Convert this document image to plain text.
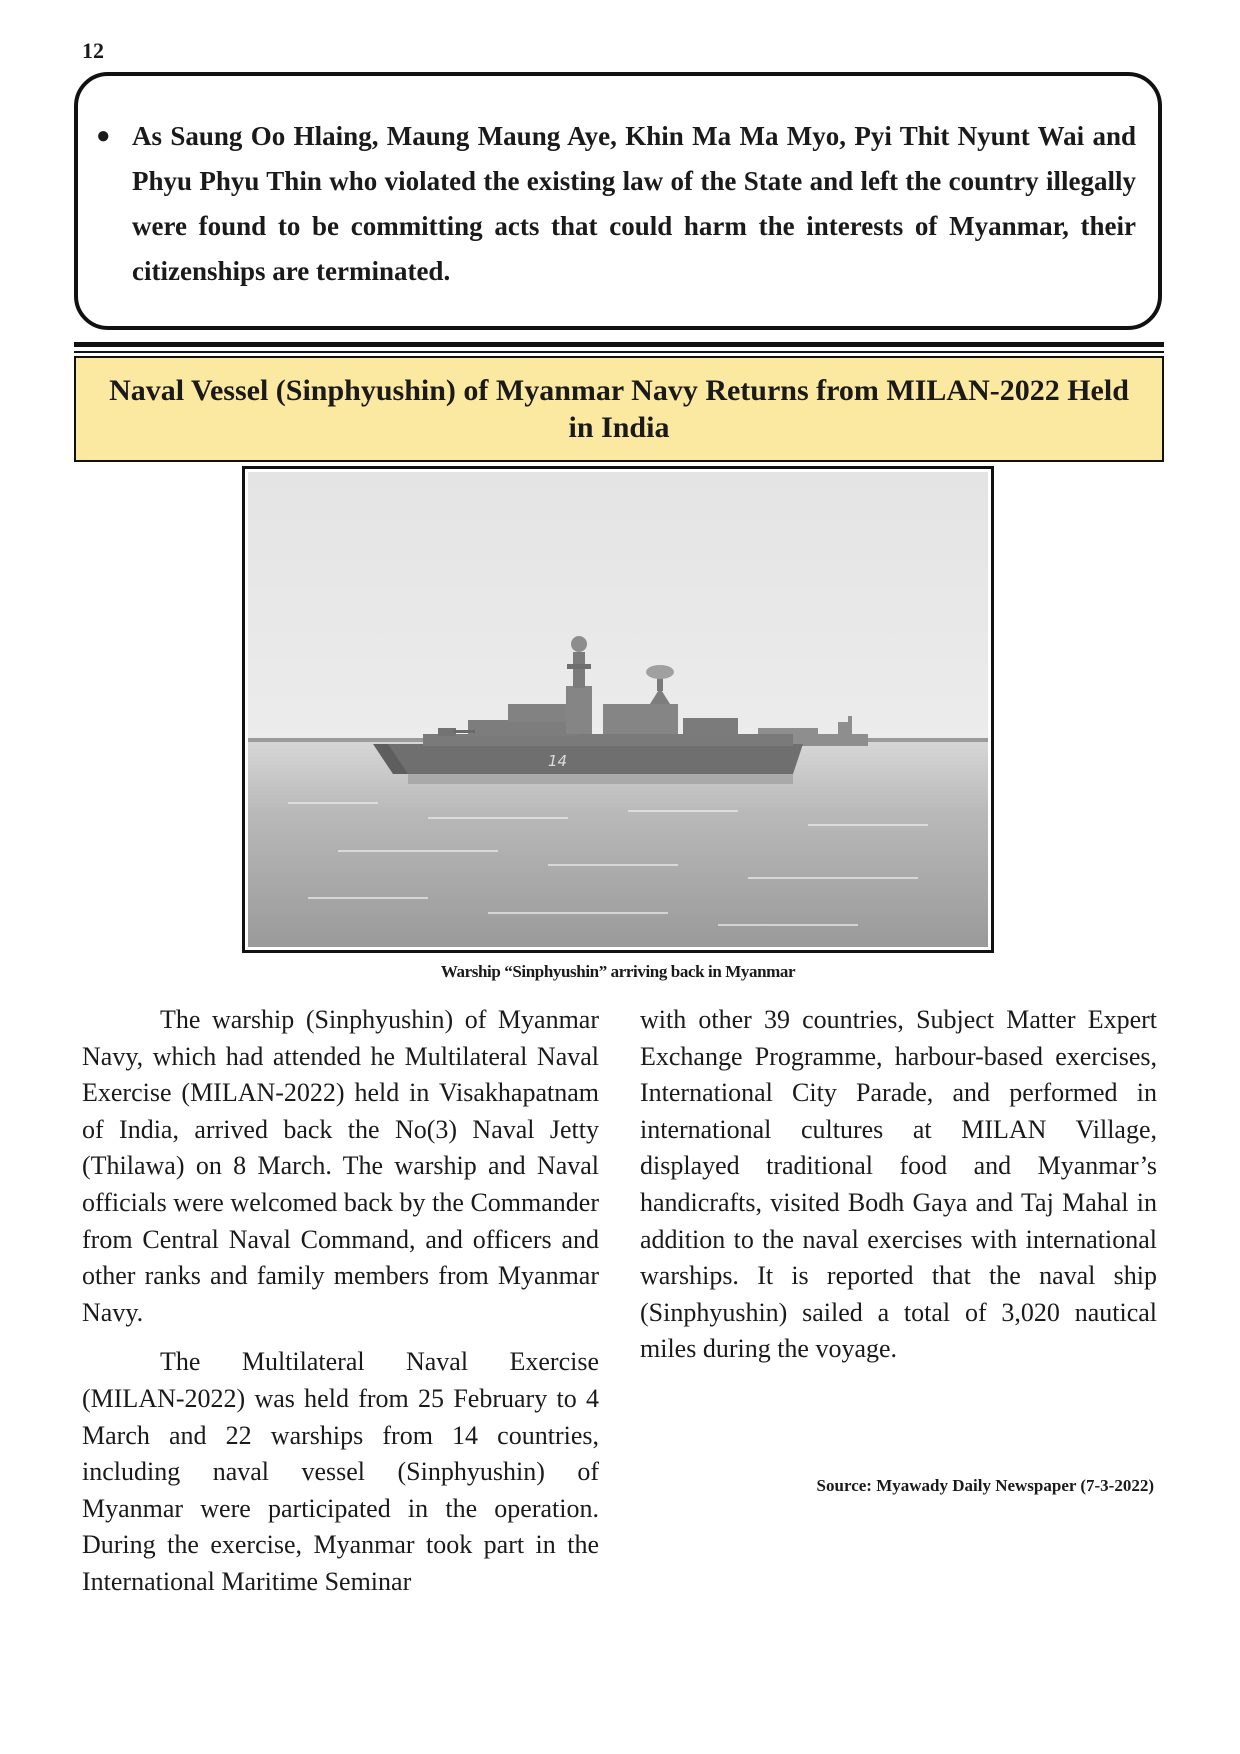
12
● As Saung Oo Hlaing, Maung Maung Aye, Khin Ma Ma Myo, Pyi Thit Nyunt Wai and Phyu Phyu Thin who violated the existing law of the State and left the country illegally were found to be committing acts that could harm the interests of Myanmar, their citizenships are terminated.
Naval Vessel (Sinphyushin) of Myanmar Navy Returns from MILAN-2022 Held in India
14
Warship “Sinphyushin” arriving back in Myanmar

The warship (Sinphyushin) of Myanmar Navy, which had attended he Multilateral Naval Exercise (MILAN-2022) held in Visakhapatnam of India, arrived back the No(3) Naval Jetty (Thilawa) on 8 March. The warship and Naval officials were welcomed back by the Commander from Central Naval Command, and officers and other ranks and family members from Myanmar Navy.

The Multilateral Naval Exercise (MILAN-2022) was held from 25 February to 4 March and 22 warships from 14 countries, including naval vessel (Sinphyushin) of Myanmar were participated in the operation. During the exercise, Myanmar took part in the International Maritime Seminar

with other 39 countries, Subject Matter Expert Exchange Programme, harbour-based exercises, International City Parade, and performed in international cultures at MILAN Village, displayed traditional food and Myanmar’s handicrafts, visited Bodh Gaya and Taj Mahal in addition to the naval exercises with international warships. It is reported that the naval ship (Sinphyushin) sailed a total of 3,020 nautical miles during the voyage.

Source: Myawady Daily Newspaper (7-3-2022)
